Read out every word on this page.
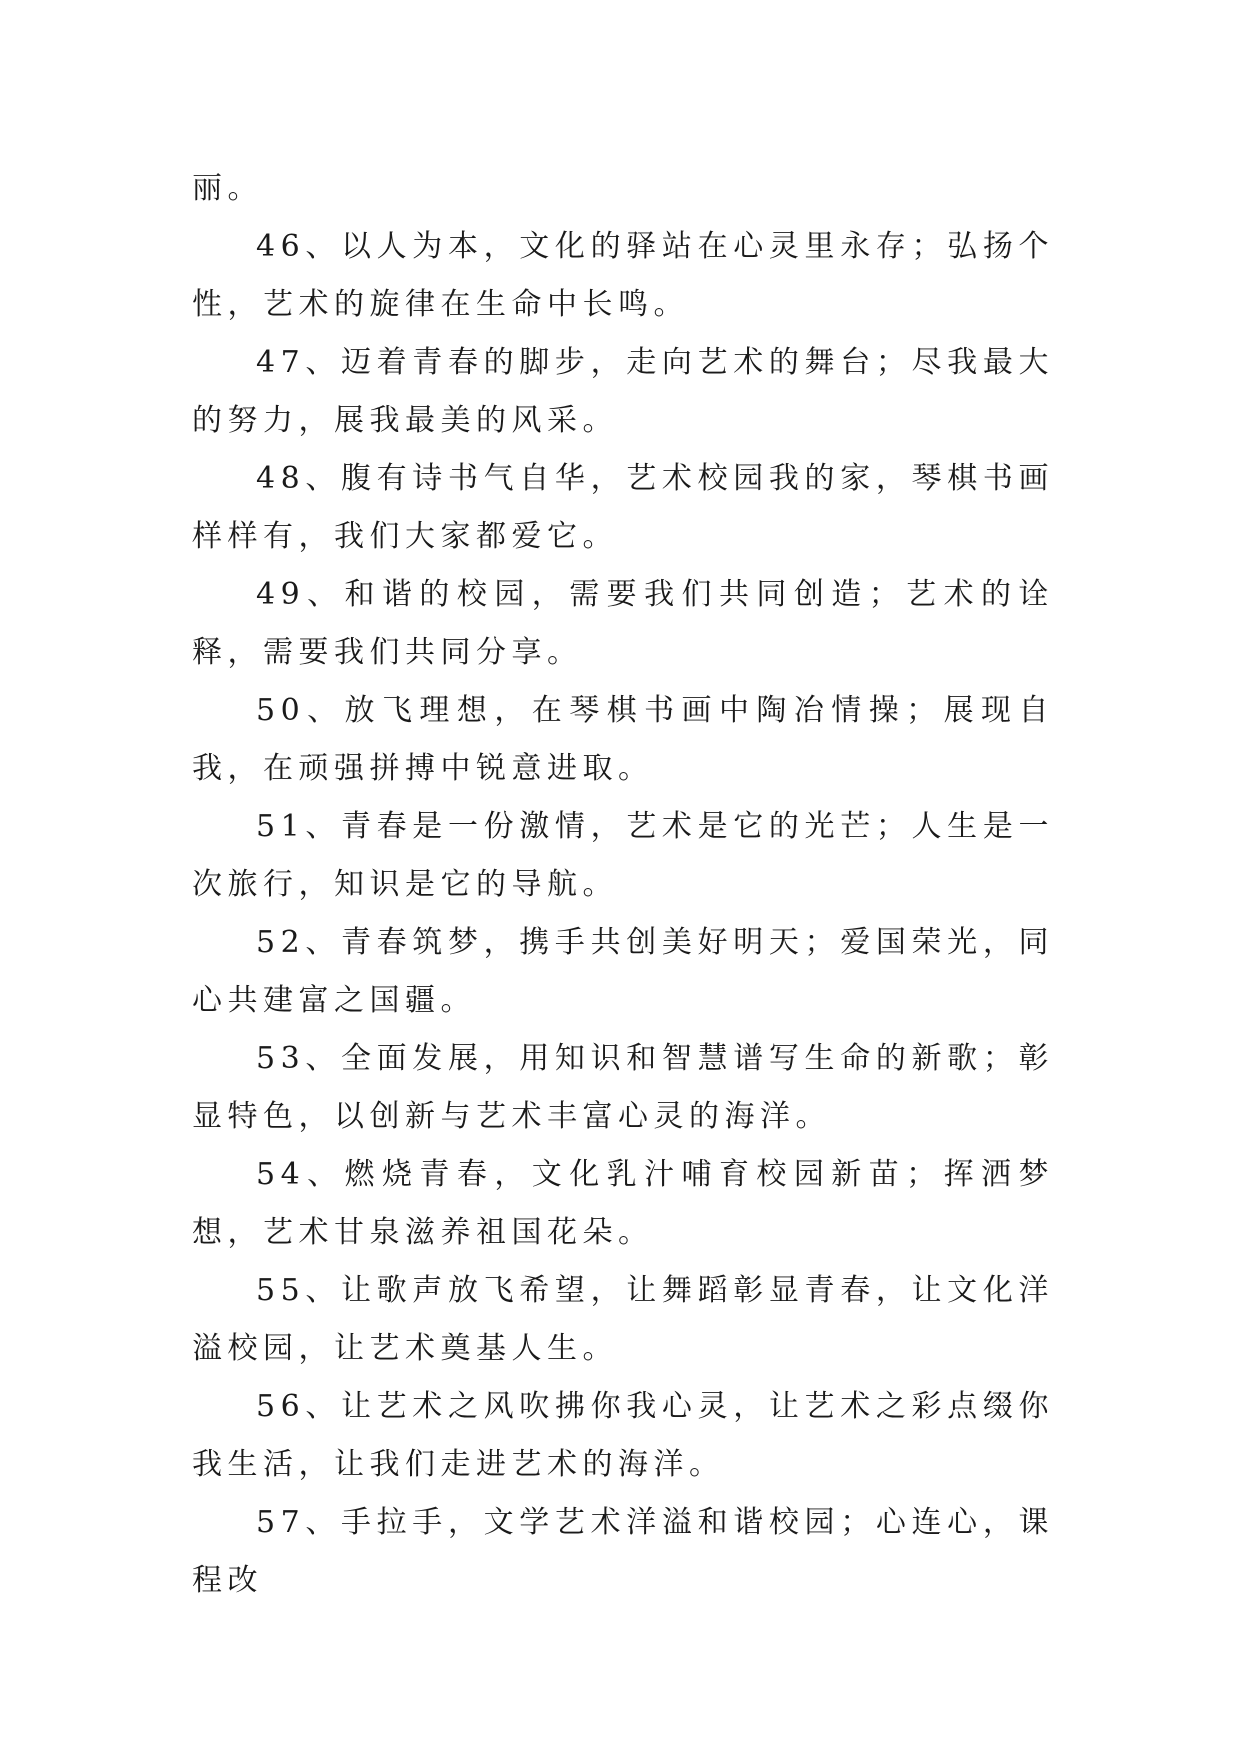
丽。

46、以人为本，文化的驿站在心灵里永存；弘扬个性，艺术的旋律在生命中长鸣。

47、迈着青春的脚步，走向艺术的舞台；尽我最大的努力，展我最美的风采。

48、腹有诗书气自华，艺术校园我的家，琴棋书画样样有，我们大家都爱它。

49、和谐的校园，需要我们共同创造；艺术的诠释，需要我们共同分享。

50、放飞理想，在琴棋书画中陶冶情操；展现自我，在顽强拼搏中锐意进取。

51、青春是一份激情，艺术是它的光芒；人生是一次旅行，知识是它的导航。

52、青春筑梦，携手共创美好明天；爱国荣光，同心共建富之国疆。

53、全面发展，用知识和智慧谱写生命的新歌；彰显特色，以创新与艺术丰富心灵的海洋。

54、燃烧青春，文化乳汁哺育校园新苗；挥洒梦想，艺术甘泉滋养祖国花朵。

55、让歌声放飞希望，让舞蹈彰显青春，让文化洋溢校园，让艺术奠基人生。

56、让艺术之风吹拂你我心灵，让艺术之彩点缀你我生活，让我们走进艺术的海洋。

57、手拉手，文学艺术洋溢和谐校园；心连心，课程改
